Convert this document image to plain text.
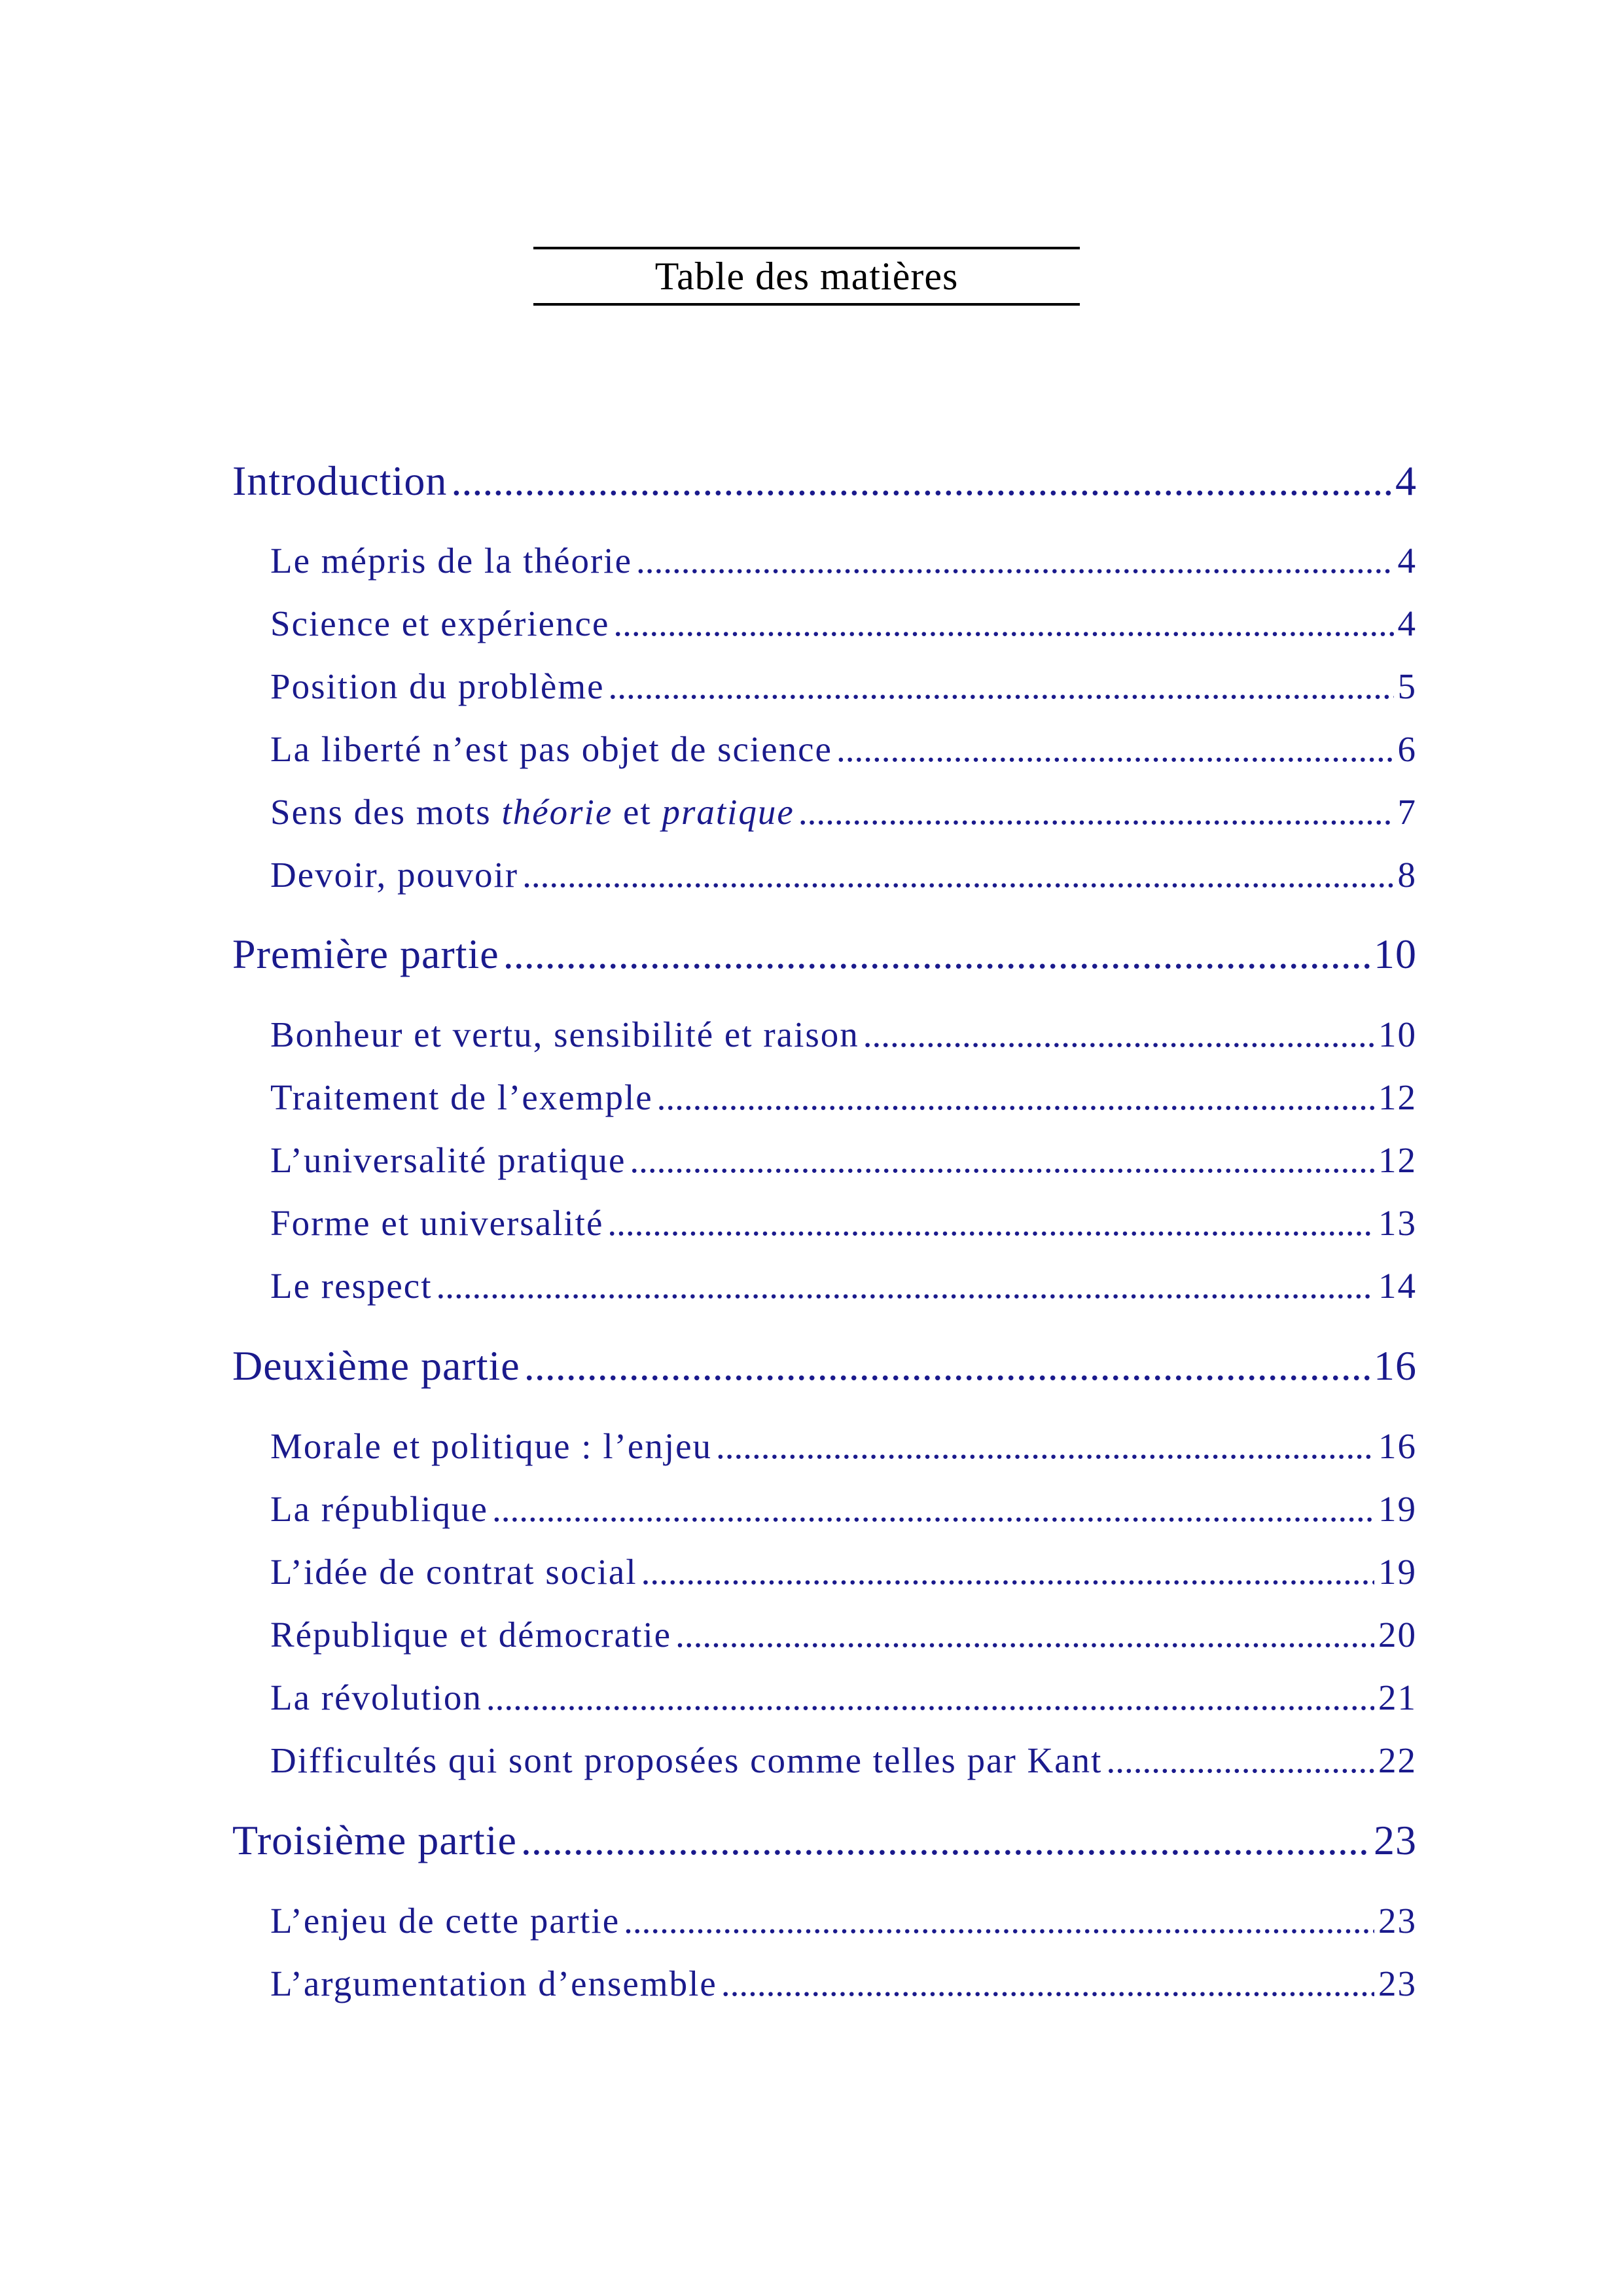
Table des matières
Introduction .....	4
Le mépris de la théorie .....	4
Science et expérience .....	4
Position du problème .....	5
La liberté n’est pas objet de science .....	6
Sens des mots théorie et pratique .....	7
Devoir, pouvoir .....	8
Première partie .....	10
Bonheur et vertu, sensibilité et raison .....	10
Traitement de l’exemple .....	12
L’universalité pratique .....	12
Forme et universalité .....	13
Le respect .....	14
Deuxième partie .....	16
Morale et politique : l’enjeu .....	16
La république .....	19
L’idée de contrat social .....	19
République et démocratie .....	20
La révolution .....	21
Difficultés qui sont proposées comme telles par Kant .....	22
Troisième partie .....	23
L’enjeu de cette partie .....	23
L’argumentation d’ensemble .....	23
